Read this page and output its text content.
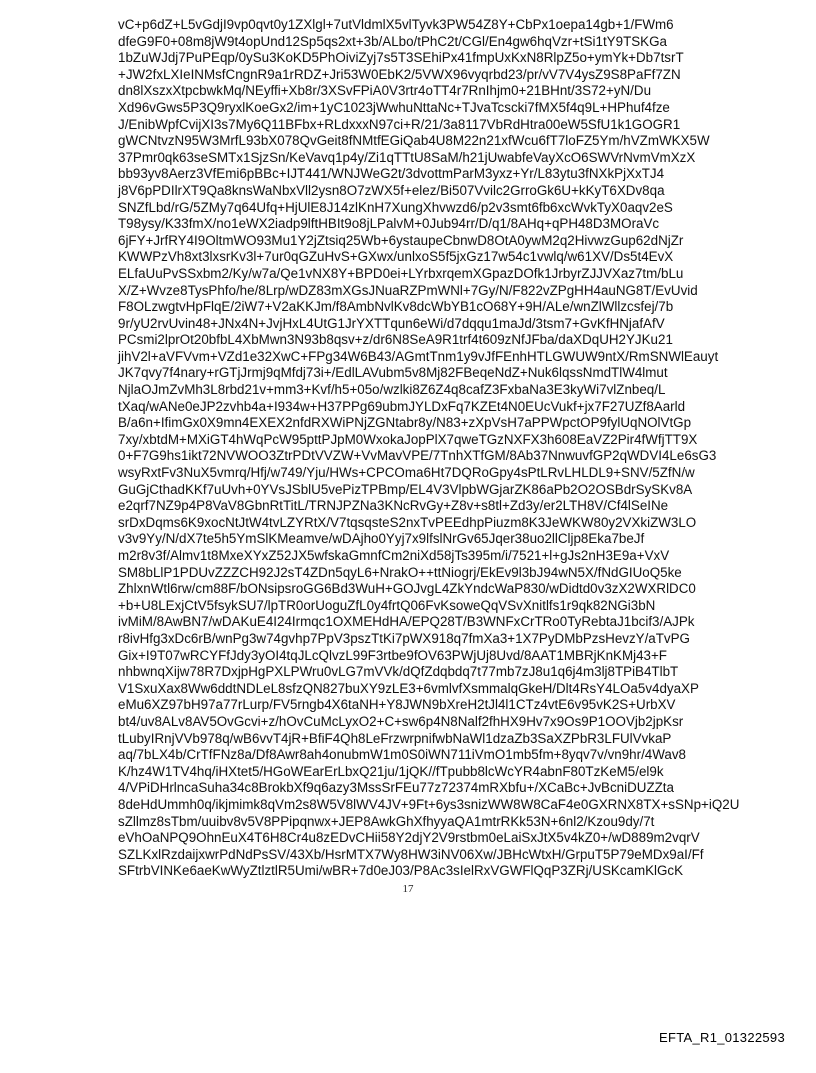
vC+p6dZ+L5vGdjI9vp0qvt0y1ZXlgl+7utVldmlX5vlTyvk3PW54Z8Y+CbPx1oepa14gb+1/FWm6
dfeG9F0+08m8jW9t4opUnd12Sp5qs2xt+3b/ALbo/tPhC2t/CGl/En4gw6hqVzr+tSi1tY9TSKGa
1bZuWJdj7PuPEqp/0ySu3KoKD5PhOiviZyj7s5T3SEhiPx41fmpUxKxN8RlpZ5o+ymYk+Db7tsrT
+JW2fxLXIeINMsfCngnR9a1rRDZ+Jri53W0EbK2/5VWX96vyqrbd23/pr/vV7V4ysZ9S8PaFf7ZN
dn8lXszxXtpcbwkMq/NEyffi+Xb8r/3XSvFPiA0V3rtr4oTT4r7RnIhjm0+21BHnt/3S72+yN/Du
Xd96vGws5P3Q9ryxlKoeGx2/im+1yC1023jWwhuNttaNc+TJvaTcscki7fMX5f4q9L+HPhuf4fze
J/EnibWpfCvijXI3s7My6Q11BFbx+RLdxxxN97ci+R/21/3a8117VbRdHtra00eW5SfU1k1GOGR1
gWCNtvzN95W3MrfL93bX078QvGeit8fNMtfEGiQab4U8M22n21xfWcu6fT7loFZ5Ym/hVZmWKX5W
37Pmr0qk63seSMTx1SjzSn/KeVavq1p4y/Zi1qTTtU8SaM/h21jUwabfeVayXcO6SWVrNvmVmXzX
bb93yv8Aerz3VfEmi6pBBc+IJT441/WNJWeG2t/3dvottmParM3yxz+Yr/L83ytu3fNXkPjXxTJ4
j8V6pPDIlrXT9Qa8knsWaNbxVll2ysn8O7zWX5f+elez/Bi507Vvilc2GrroGk6U+kKyT6XDv8qa
SNZfLbd/rG/5ZMy7q64Ufq+HjUlE8J14zlKnH7XungXhvwzd6/p2v3smt6fb6xcWvkTyX0aqv2eS
T98ysy/K33fmX/no1eWX2iadp9lftHBIt9o8jLPalvM+0Jub94rr/D/q1/8AHq+qPH48D3MOraVc
6jFY+JrfRY4I9OltmWO93Mu1Y2jZtsiq25Wb+6ystaupeCbnwD8OtA0ywM2q2HivwzGup62dNjZr
KWWPzVh8xt3lxsrKv3l+7ur0qGZuHvS+GXwx/unlxoS5f5jxGz17w54c1vwlq/w61XV/Ds5t4EvX
ELfaUuPvSSxbm2/Ky/w7a/Qe1vNX8Y+BPD0ei+LYrbxrqemXGpazDOfk1JrbyrZJJVXaz7tm/bLu
X/Z+Wvze8TysPhfo/he/8Lrp/wDZ83mXGsJNuaRZPmWNl+7Gy/N/F822vZPgHH4auNG8T/EvUvid
F8OLzwgtvHpFlqE/2iW7+V2aKKJm/f8AmbNvlKv8dcWbYB1cO68Y+9H/ALe/wnZlWllzcsfej/7b
9r/yU2rvUvin48+JNx4N+JvjHxL4UtG1JrYXTTqun6eWi/d7dqqu1maJd/3tsm7+GvKfHNjafAfV
PCsmi2lprOt20bfbL4XbMwn3N93b8qsv+z/dr6N8SeA9R1trf4t609zNfJFba/daXDqUH2YJKu21
jihV2l+aVFVvm+VZd1e32XwC+FPg34W6B43/AGmtTnm1y9vJfFEnhHTLGWUW9ntX/RmSNWlEauyt
JK7qvy7f4nary+rGTjJrmj9qMfdj73i+/EdlLAVubm5v8Mj82FBeqeNdZ+Nuk6lqssNmdTlW4lmut
NjlaOJmZvMh3L8rbd21v+mm3+Kvf/h5+05o/wzlki8Z6Z4q8cafZ3FxbaNa3E3kyWi7vlZnbeq/L
tXaq/wANe0eJP2zvhb4a+I934w+H37PPg69ubmJYLDxFq7KZEt4N0EUcVukf+jx7F27UZf8Aarld
B/a6n+IfimGx0X9mn4EXEX2nfdRXWiPNjZGNtabr8y/N83+zXpVsH7aPPWpctOP9fylUqNOlVtGp
7xy/xbtdM+MXiGT4hWqPcW95pttPJpM0WxokaJopPlX7qweTGzNXFX3h608EaVZ2Pir4fWfjTT9X
0+F7G9hs1ikt72NVWOO3ZtrPDtVVZW+VvMavVPE/7TnhXTfGM/8Ab37NnwuvfGP2qWDVI4Le6sG3
wsyRxtFv3NuX5vmrq/Hfj/w749/Yju/HWs+CPCOma6Ht7DQRoGpy4sPtLRvLHLDL9+SNV/5ZfN/w
GuGjCthadKKf7uUvh+0YVsJSblU5vePizTPBmp/EL4V3VlpbWGjarZK86aPb2O2OSBdrSySKv8A
e2qrf7NZ9p4P8VaV8GbnRtTitL/TRNJPZNa3KNcRvGy+Z8v+s8tl+Zd3y/er2LTH8V/Cf4lSeINe
srDxDqms6K9xocNtJtW4tvLZYRtX/V7tqsqsteS2nxTvPEEdhpPiuzm8K3JeWKW80y2VXkiZW3LO
v3v9Yy/N/dX7te5h5YmSlKMeamve/wDAjho0Yyj7x9lfslNrGv65Jqer38uo2llCljp8Eka7beJf
m2r8v3f/Almv1t8MxeXYxZ52JX5wfskaGmnfCm2niXd58jTs395m/i/7521+l+gJs2nH3E9a+VxV
SM8bLlP1PDUvZZZCH92J2sT4ZDn5qyL6+NrakO++ttNiogrj/EkEv9l3bJ94wN5X/fNdGIUoQ5ke
ZhlxnWtl6rw/cm88F/bONsipsroGG6Bd3WuH+GOJvgL4ZkYndcWaP830/wDidtd0v3zX2WXRlDC0
+b+U8LExjCtV5fsykSU7/lpTR0orUoguZfL0y4frtQ06FvKsoweQqVSvXnitlfs1r9qk82NGi3bN
ivMiM/8AwBN7/wDAKuE4I24Irmqc1OXMEHdHA/EPQ28T/B3WNFxCrTRo0TyRebtaJ1bcif3/AJPk
r8ivHfg3xDc6rB/wnPg3w74gvhp7PpV3pszTtKi7pWX918q7fmXa3+1X7PyDMbPzsHevzY/aTvPG
Gix+I9T07wRCYFfJdy3yOI4tqJLcQlvzL99F3rtbe9fOV63PWjUj8Uvd/8AAT1MBRjKnKMj43+F
nhbwnqXijw78R7DxjpHgPXLPWru0vLG7mVVk/dQfZdqbdq7t77mb7zJ8u1q6j4m3lj8TPiB4TlbT
V1SxuXax8Ww6ddtNDLeL8sfzQN827buXY9zLE3+6vmlvfXsmmalqGkeH/Dlt4RsY4LOa5v4dyaXP
eMu6XZ97bH97a77rLurp/FV5rngb4X6taNH+Y8JWN9bXreH2tJl4l1CTz4vtE6v95vK2S+UrbXV
bt4/uv8ALv8AV5OvGcvi+z/hOvCuMcLyxO2+C+sw6p4N8Nalf2fhHX9Hv7x9Os9P1OOVjb2jpKsr
tLubyIRnjVVb978q/wB6vvT4jR+BfiF4Qh8LeFrzwrpnifwbNaWl1dzaZb3SaXZPbR3LFUlVvkaP
aq/7bLX4b/CrTfFNz8a/Df8Awr8ah4onubmW1m0S0iWN711iVmO1mb5fm+8yqv7v/vn9hr/4Wav8
K/hz4W1TV4hq/iHXtet5/HGoWEarErLbxQ21ju/1jQK//fTpubb8lcWcYR4abnF80TzKeM5/el9k
4/VPiDHrlncaSuha34c8BrokbXf9q6azy3MssSrFEu77z72374mRXbfu+/XCaBc+JvBcniDUZZta
8deHdUmmh0q/ikjmimk8qVm2s8W5V8lWV4JV+9Ft+6ys3snizWW8W8CaF4e0GXRNX8TX+sSNp+iQ2U
sZllmz8sTbm/uuibv8v5V8PPipqnwx+JEP8AwkGhXfhyyaQA1mtrRKk53N+6nl2/Kzou9dy/7t
eVhOaNPQ9OhnEuX4T6H8Cr4u8zEDvCHii58Y2djY2V9rstbm0eLaiSxJtX5v4kZ0+/wD889m2vqrV
SZLKxlRzdaijxwrPdNdPsSV/43Xb/HsrMTX7Wy8HW3iNV06Xw/JBHcWtxH/GrpuT5P79eMDx9aI/Ff
SFtrbVINKe6aeKwWyZtlztlR5Umi/wBR+7d0eJ03/P8Ac3sIelRxVGWFlQqP3ZRj/USKcamKlGcK
17
EFTA_R1_01322593
